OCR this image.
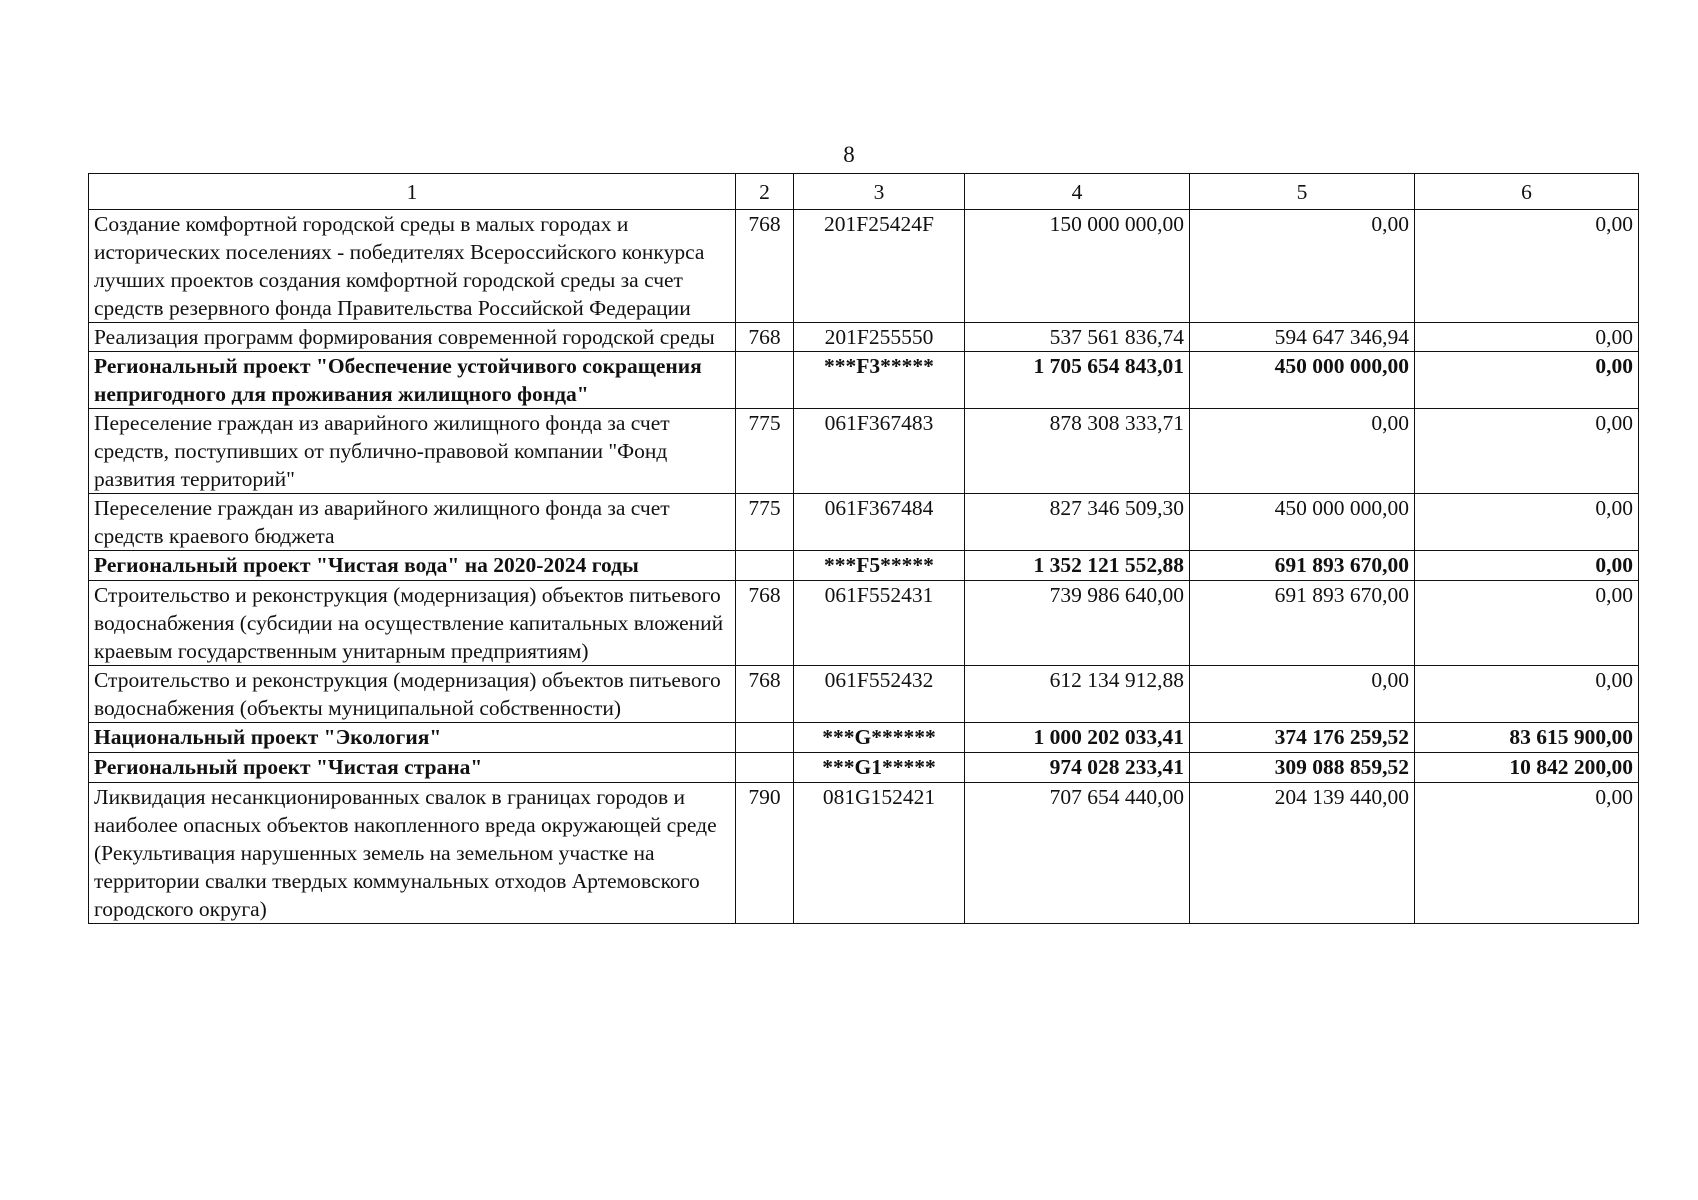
8
1	2	3	4	5	6
Создание комфортной городской среды в малых городах и исторических поселениях - победителях Всероссийского конкурса лучших проектов создания комфортной городской среды за счет средств резервного фонда Правительства Российской Федерации	768	201F25424F	150 000 000,00	0,00	0,00
Реализация программ формирования современной городской среды	768	201F255550	537 561 836,74	594 647 346,94	0,00
Региональный проект "Обеспечение устойчивого сокращения непригодного для проживания жилищного фонда"		***F3*****	1 705 654 843,01	450 000 000,00	0,00
Переселение граждан из аварийного жилищного фонда за счет средств, поступивших от публично-правовой компании "Фонд развития территорий"	775	061F367483	878 308 333,71	0,00	0,00
Переселение граждан из аварийного жилищного фонда за счет средств краевого бюджета	775	061F367484	827 346 509,30	450 000 000,00	0,00
Региональный проект "Чистая вода" на 2020-2024 годы		***F5*****	1 352 121 552,88	691 893 670,00	0,00
Строительство и реконструкция (модернизация) объектов питьевого водоснабжения (субсидии на осуществление капитальных вложений краевым государственным унитарным предприятиям)	768	061F552431	739 986 640,00	691 893 670,00	0,00
Строительство и реконструкция (модернизация) объектов питьевого водоснабжения (объекты муниципальной собственности)	768	061F552432	612 134 912,88	0,00	0,00
Национальный проект "Экология"		***G******	1 000 202 033,41	374 176 259,52	83 615 900,00
Региональный проект "Чистая страна"		***G1*****	974 028 233,41	309 088 859,52	10 842 200,00
Ликвидация несанкционированных свалок в границах городов и наиболее опасных объектов накопленного вреда окружающей среде (Рекультивация нарушенных земель на земельном участке на территории свалки твердых коммунальных отходов Артемовского городского округа)	790	081G152421	707 654 440,00	204 139 440,00	0,00
